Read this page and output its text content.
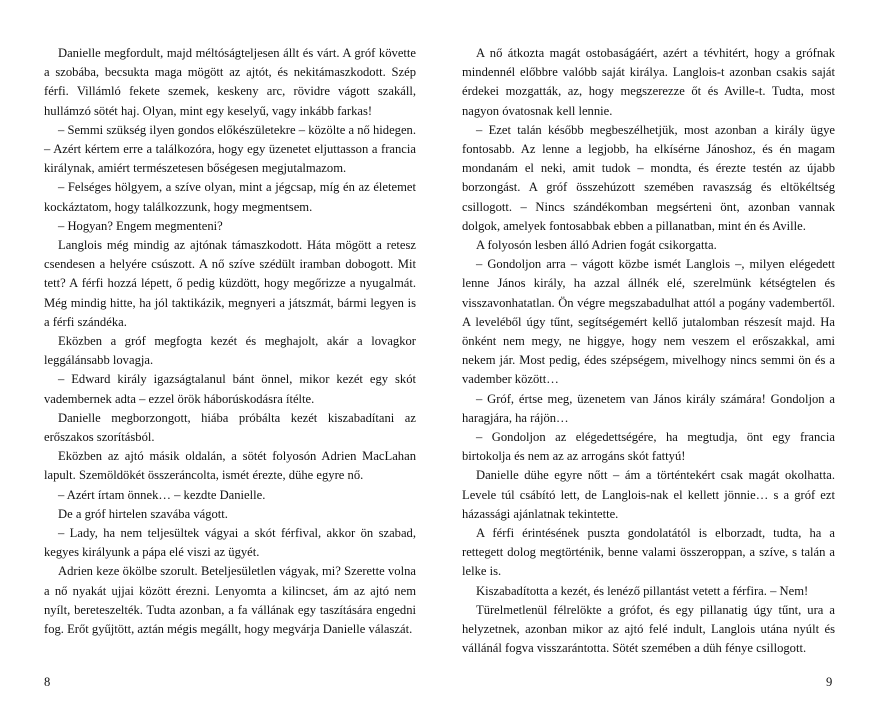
Danielle megfordult, majd méltóságteljesen állt és várt. A gróf követte a szobába, becsukta maga mögött az ajtót, és nekitámaszkodott. Szép férfi. Villámló fekete szemek, keskeny arc, rövidre vágott szakáll, hullámzó sötét haj. Olyan, mint egy keselyű, vagy inkább farkas!

– Semmi szükség ilyen gondos előkészületekre – közölte a nő hidegen. – Azért kértem erre a találkozóra, hogy egy üzenetet eljuttasson a francia királynak, amiért természetesen bőségesen megjutalmazom.

– Felséges hölgyem, a szíve olyan, mint a jégcsap, míg én az életemet kockáztatom, hogy találkozzunk, hogy megmentsem.

– Hogyan? Engem megmenteni?

Langlois még mindig az ajtónak támaszkodott. Háta mögött a retesz csendesen a helyére csúszott. A nő szíve szédült iramban dobogott. Mit tett? A férfi hozzá lépett, ő pedig küzdött, hogy megőrizze a nyugalmát. Még mindig hitte, ha jól taktikázik, megnyeri a játszmát, bármi legyen is a férfi szándéka.

Eközben a gróf megfogta kezét és meghajolt, akár a lovagkor leggálánsabb lovagja.

– Edward király igazságtalanul bánt önnel, mikor kezét egy skót vadembernek adta – ezzel örök háborúskodásra ítélte.

Danielle megborzongott, hiába próbálta kezét kiszabadítani az erőszakos szorításból.

Eközben az ajtó másik oldalán, a sötét folyosón Adrien MacLahan lapult. Szemöldökét összeráncolta, ismét érezte, dühe egyre nő.

– Azért írtam önnek… – kezdte Danielle.

De a gróf hirtelen szavába vágott.

– Lady, ha nem teljesültek vágyai a skót férfival, akkor ön szabad, kegyes királyunk a pápa elé viszi az ügyét.

Adrien keze ökölbe szorult. Beteljesületlen vágyak, mi? Szerette volna a nő nyakát ujjai között érezni. Lenyomta a kilincset, ám az ajtó nem nyílt, bereteszelték. Tudta azonban, a fa vállának egy taszítására engedni fog. Erőt gyűjtött, aztán mégis megállt, hogy megvárja Danielle válaszát.

8

A nő átkozta magát ostobaságáért, azért a tévhitért, hogy a grófnak mindennél előbbre valóbb saját királya. Langlois-t azonban csakis saját érdekei mozgatták, az, hogy megszerezze őt és Aville-t. Tudta, most nagyon óvatosnak kell lennie.

– Ezet talán később megbeszélhetjük, most azonban a király ügye fontosabb. Az lenne a legjobb, ha elkísérne Jánoshoz, és én magam mondanám el neki, amit tudok – mondta, és érezte testén az újabb borzongást. A gróf összehúzott szemében ravaszság és eltökéltség csillogott. – Nincs szándékomban megsérteni önt, azonban vannak dolgok, amelyek fontosabbak ebben a pillanatban, mint én és Aville.

A folyosón lesben álló Adrien fogát csikorgatta.

– Gondoljon arra – vágott közbe ismét Langlois –, milyen elégedett lenne János király, ha azzal állnék elé, szerelmünk kétségtelen és visszavonhatatlan. Ön végre megszabadulhat attól a pogány vadembertől. A leveléből úgy tűnt, segítségemért kellő jutalomban részesít majd. Ha önként nem megy, ne higgye, hogy nem veszem el erőszakkal, ami nekem jár. Most pedig, édes szépségem, mivelhogy nincs semmi ön és a vadember között…

– Gróf, értse meg, üzenetem van János király számára! Gondoljon a haragjára, ha rájön…

– Gondoljon az elégedettségére, ha megtudja, önt egy francia birtokolja és nem az az arrogáns skót fattyú!

Danielle dühe egyre nőtt – ám a történtekért csak magát okolhatta. Levele túl csábító lett, de Langlois-nak el kellett jönnie… s a gróf ezt házassági ajánlatnak tekintette.

A férfi érintésének puszta gondolatától is elborzadt, tudta, ha a rettegett dolog megtörténik, benne valami összeroppan, a szíve, s talán a lelke is.

Kiszabadította a kezét, és lenéző pillantást vetett a férfira. – Nem!

Türelmetlenül félrelökte a grófot, és egy pillanatig úgy tűnt, ura a helyzetnek, azonban mikor az ajtó felé indult, Langlois utána nyúlt és vállánál fogva visszarántotta. Sötét szemében a düh fénye csillogott.

9
